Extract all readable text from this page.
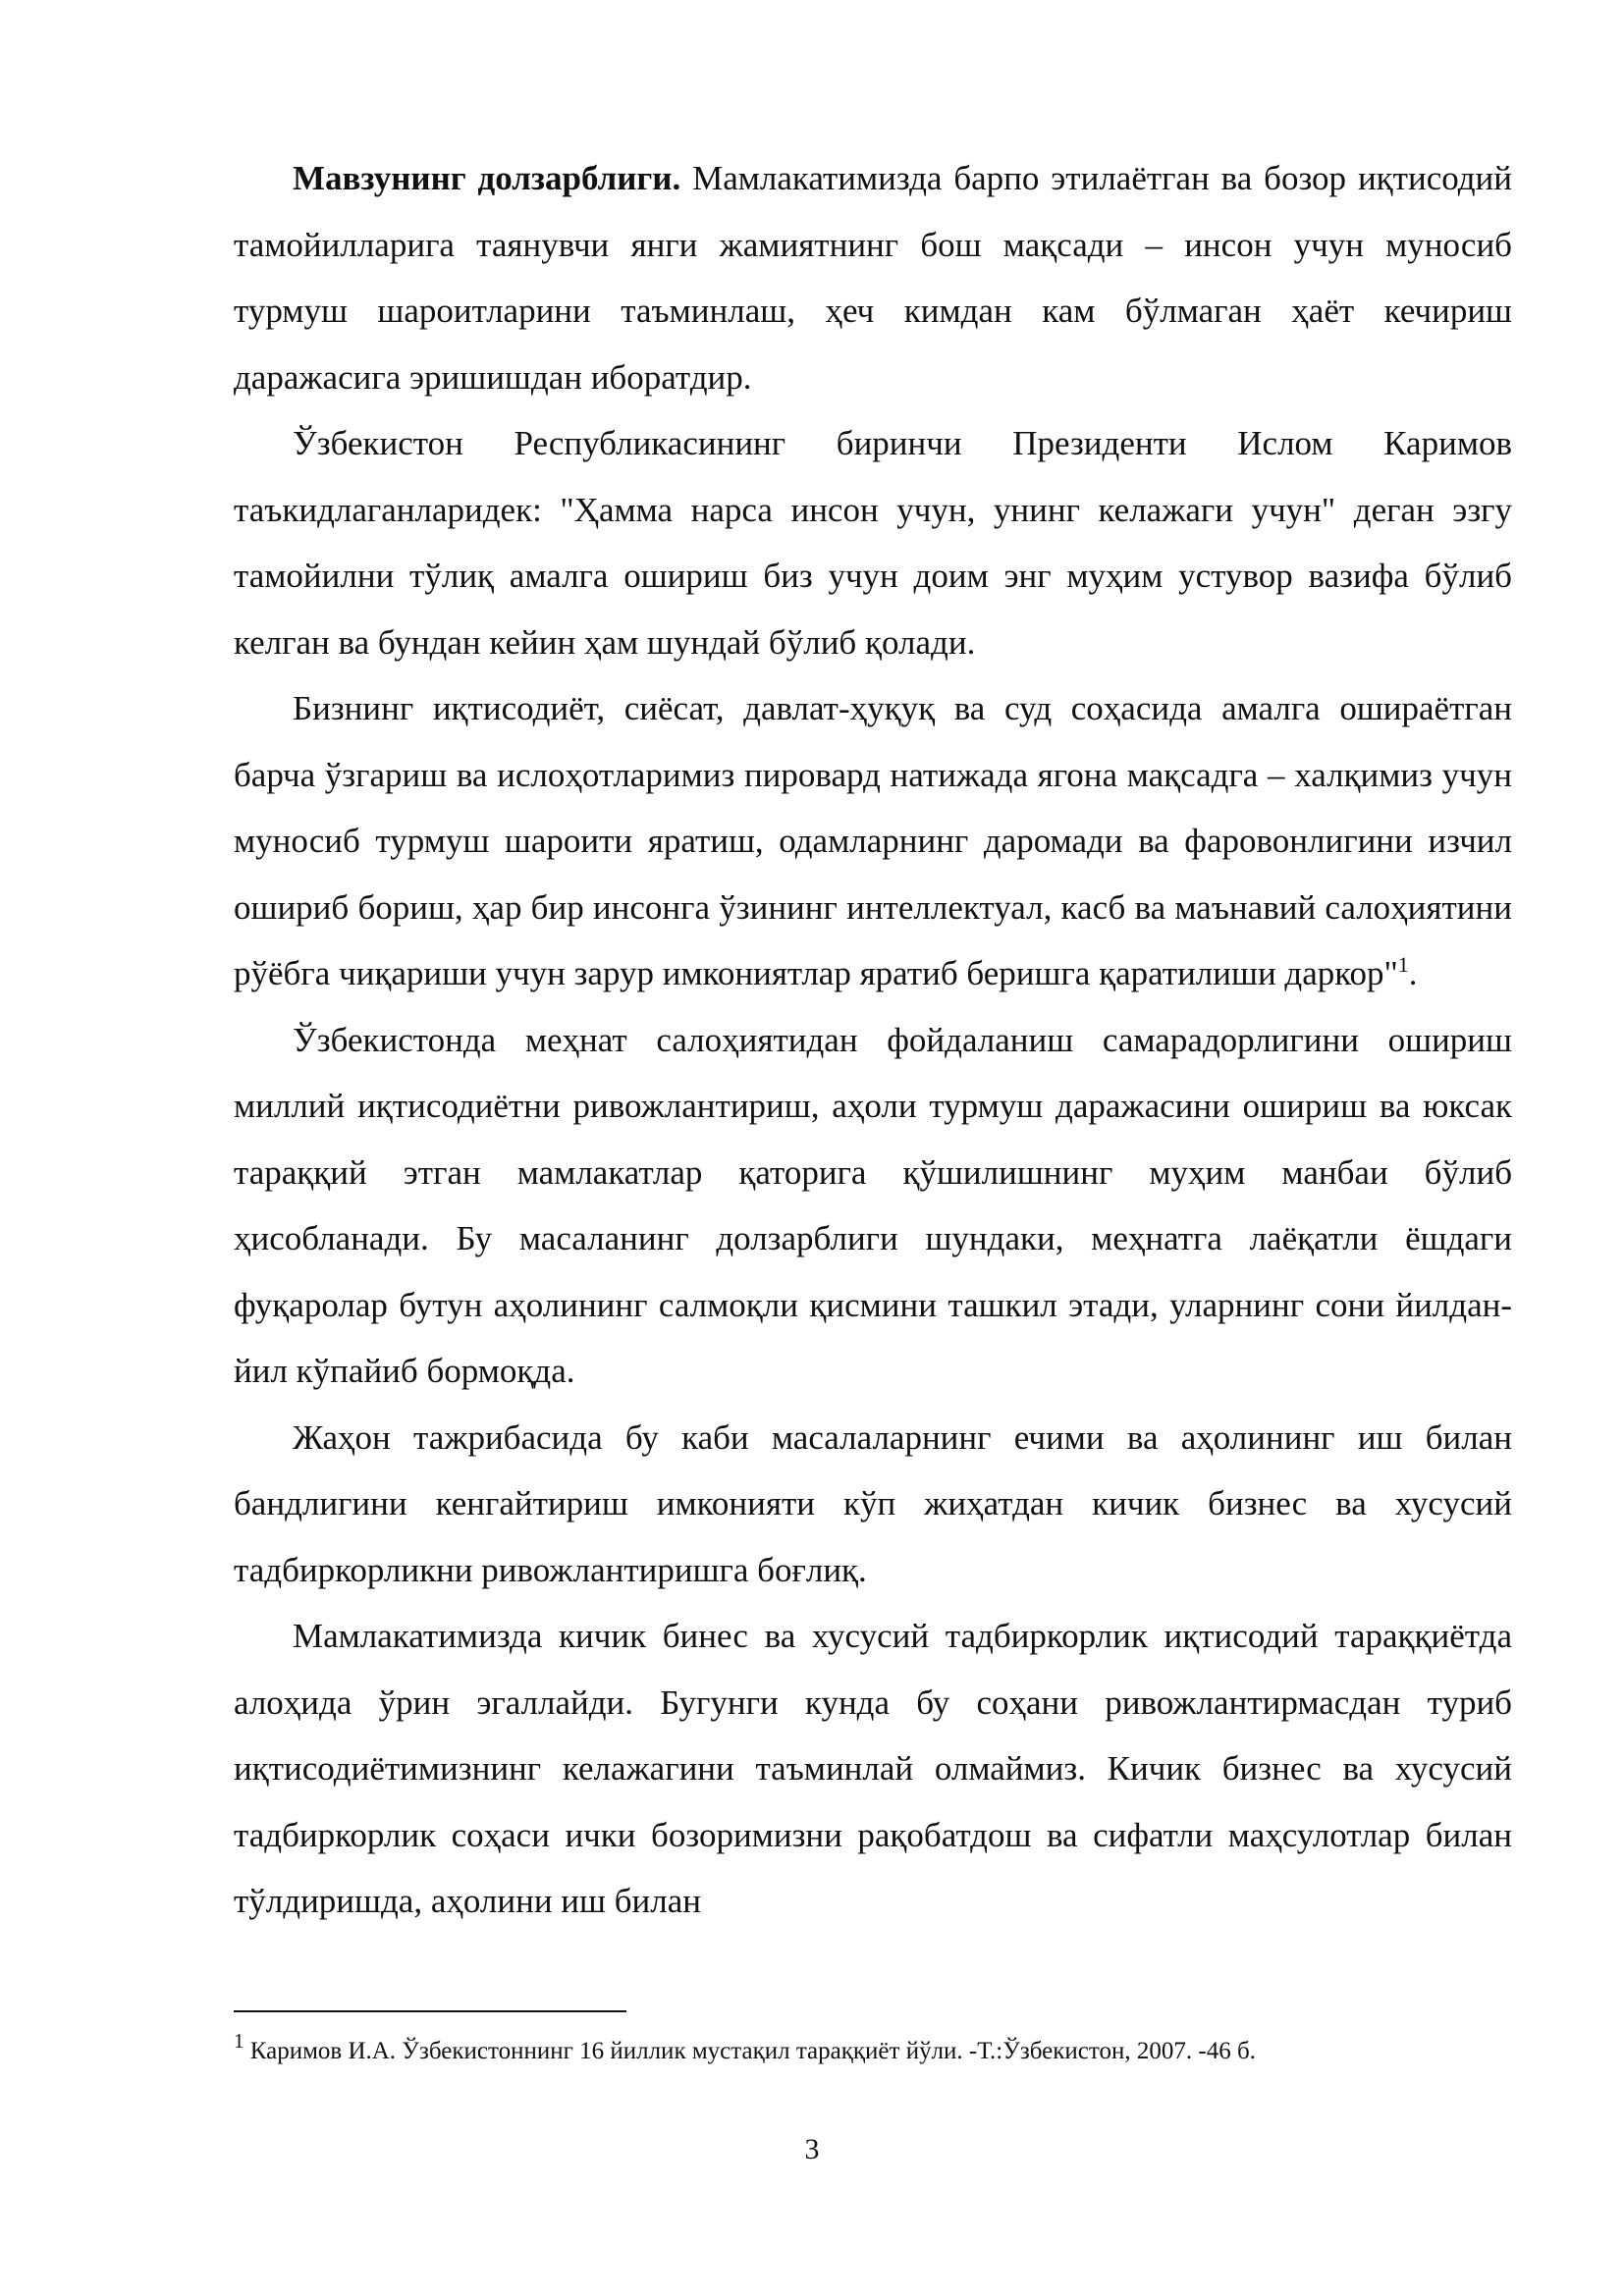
Мавзунинг долзарблиги. Мамлакатимизда барпо этилаётган ва бозор иқтисодий тамойилларига таянувчи янги жамиятнинг бош мақсади – инсон учун муносиб турмуш шароитларини таъминлаш, ҳеч кимдан кам бўлмаган ҳаёт кечириш даражасига эришишдан иборатдир.

Ўзбекистон Республикасининг биринчи Президенти Ислом Каримов таъкидлаганларидек: "Ҳамма нарса инсон учун, унинг келажаги учун" деган эзгу тамойилни тўлиқ амалга ошириш биз учун доим энг муҳим устувор вазифа бўлиб келган ва бундан кейин ҳам шундай бўлиб қолади.

Бизнинг иқтисодиёт, сиёсат, давлат-ҳуқуқ ва суд соҳасида амалга ошираётган барча ўзгариш ва ислоҳотларимиз пировард натижада ягона мақсадга – халқимиз учун муносиб турмуш шароити яратиш, одамларнинг даромади ва фаровонлигини изчил ошириб бориш, ҳар бир инсонга ўзининг интеллектуал, касб ва маънавий салоҳиятини рўёбга чиқариши учун зарур имкониятлар яратиб беришга қаратилиши даркор"$^1$.

Ўзбекистонда меҳнат салоҳиятидан фойдаланиш самарадорлигини ошириш миллий иқтисодиётни ривожлантириш, аҳоли турмуш даражасини ошириш ва юксак тараққий этган мамлакатлар қаторига қўшилишнинг муҳим манбаи бўлиб ҳисобланади. Бу масаланинг долзарблиги шундаки, меҳнатга лаёқатли ёшдаги фуқаролар бутун аҳолининг салмоқли қисмини ташкил этади, уларнинг сони йилдан-йил кўпайиб бормоқда.

Жаҳон тажрибасида бу каби масалаларнинг ечими ва аҳолининг иш билан бандлигини кенгайтириш имконияти кўп жиҳатдан кичик бизнес ва хусусий тадбиркорликни ривожлантиришга боғлиқ.

Мамлакатимизда кичик бинес ва хусусий тадбиркорлик иқтисодий тараққиётда алоҳида ўрин эгаллайди. Бугунги кунда бу соҳани ривожлантирмасдан туриб иқтисодиётимизнинг келажагини таъминлай олмаймиз. Кичик бизнес ва хусусий тадбиркорлик соҳаси ички бозоримизни рақобатдош ва сифатли маҳсулотлар билан тўлдиришда, аҳолини иш билан

$^1$ Каримов И.А. Ўзбекистоннинг 16 йиллик мустақил тараққиёт йўли. -Т.:Ўзбекистон, 2007. -46 б.

3
